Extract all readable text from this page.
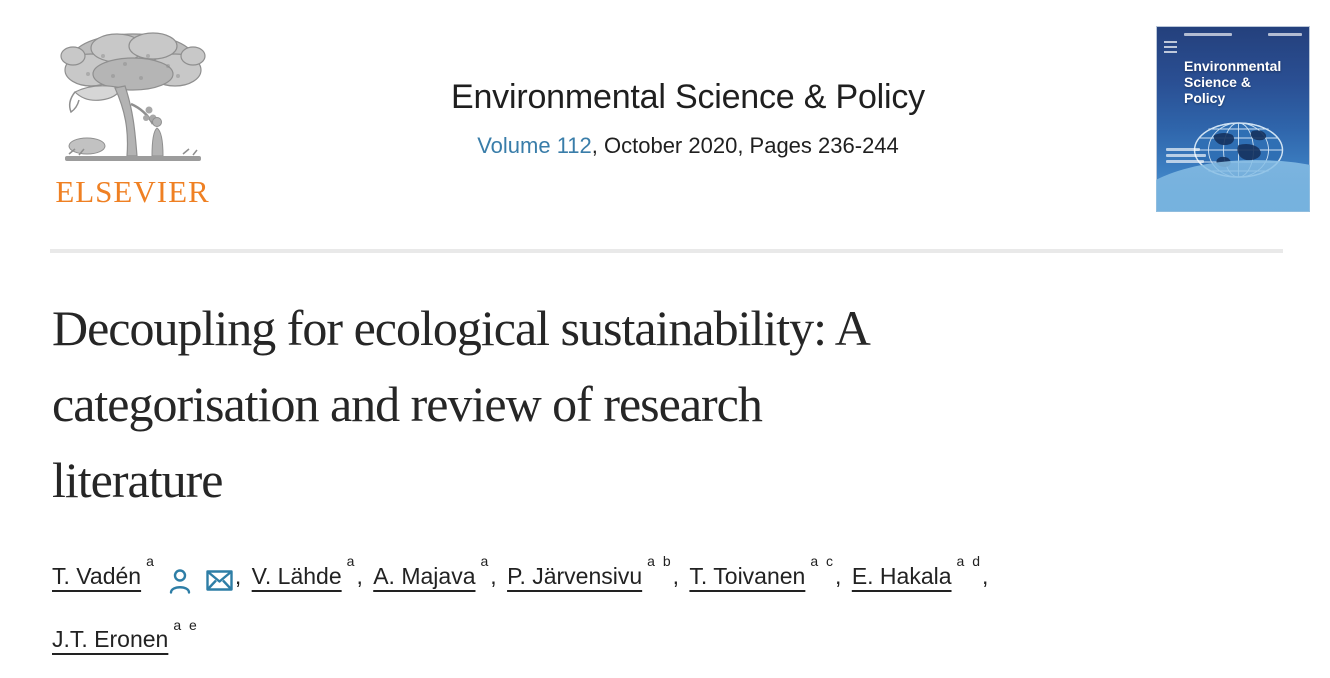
ELSEVIER
Environmental Science & Policy
Volume 112, October 2020, Pages 236-244
Environmental
Science &
Policy
Decoupling for ecological sustainability: A
categorisation and review of research
literature
T. Vadén$^a$, V. Lähde$^a$, A. Majava$^a$, P. Järvensivu$^{a b}$, T. Toivanen$^{a c}$, E. Hakala$^{a d}$,
J.T. Eronen$^{a e}$
